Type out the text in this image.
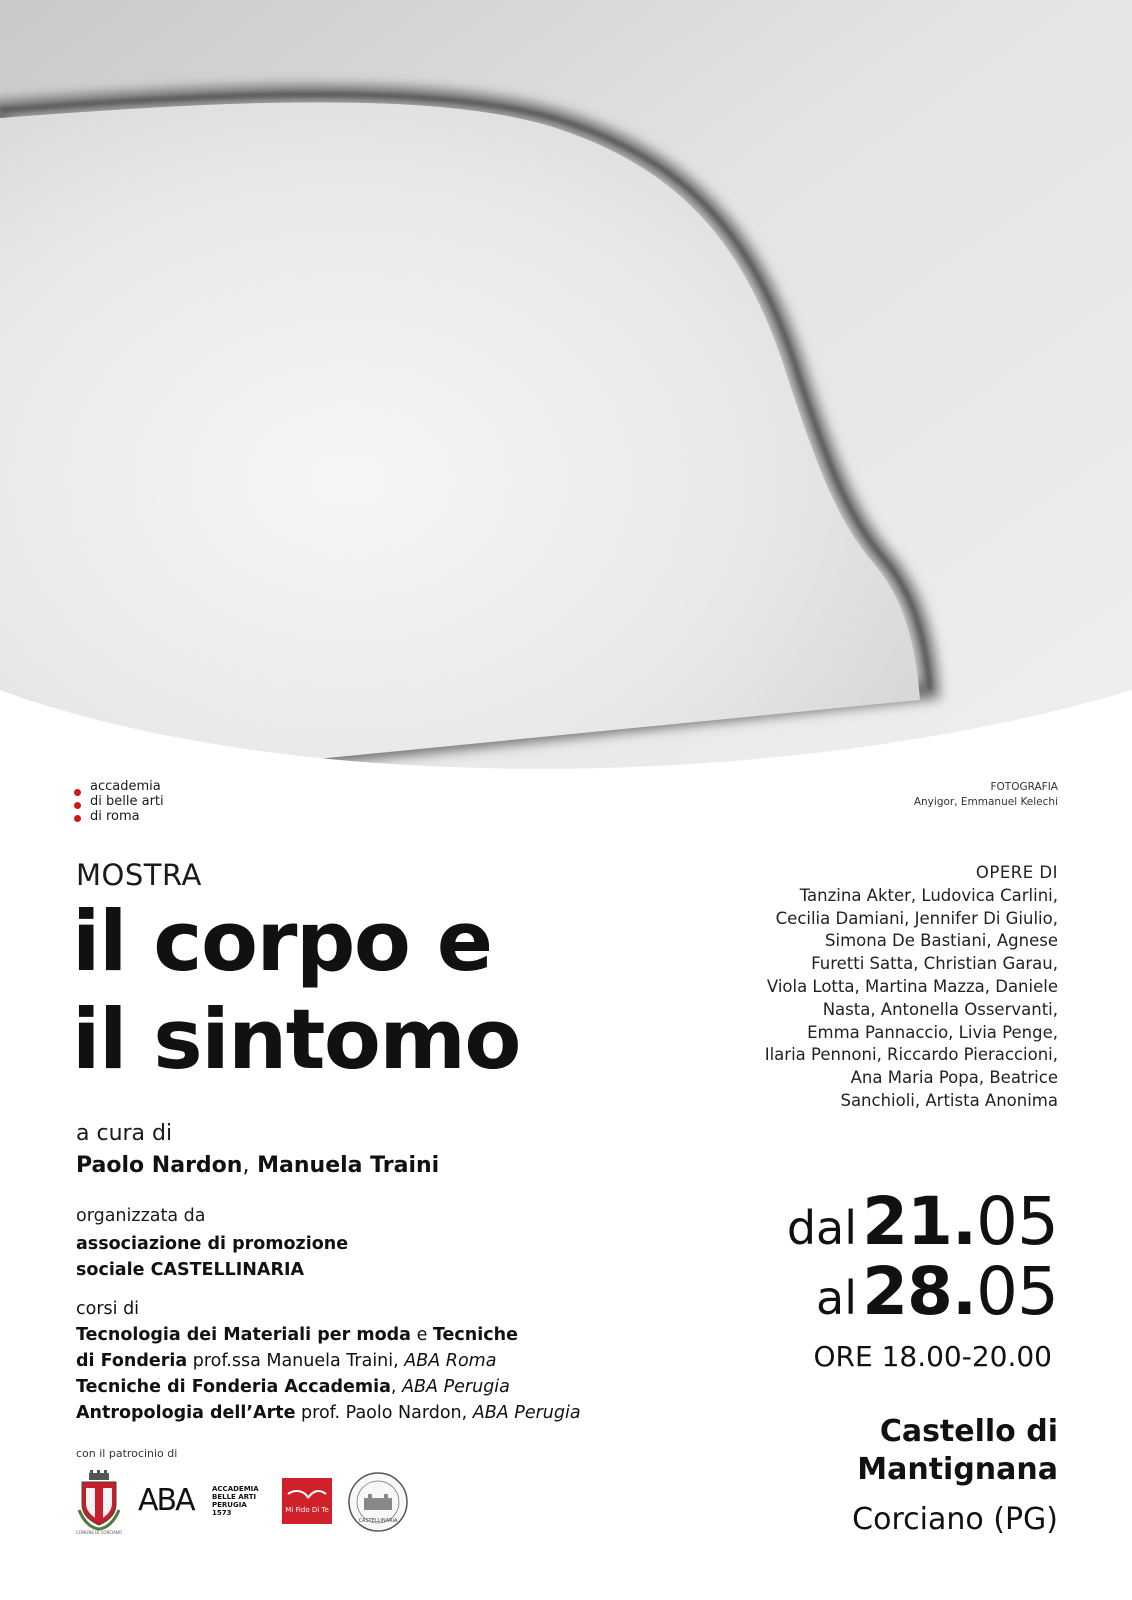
accademia
di belle arti
di roma
FOTOGRAFIA
Anyigor, Emmanuel Kelechi
MOSTRA
il corpo e
il sintomo
a cura di
Paolo Nardon, Manuela Traini
organizzata da
associazione di promozione
sociale CASTELLINARIA
corsi di
Tecnologia dei Materiali per moda e Tecniche
di Fonderia prof.ssa Manuela Traini, ABA Roma
Tecniche di Fonderia Accademia, ABA Perugia
Antropologia dell’Arte prof. Paolo Nardon, ABA Perugia
con il patrocinio di
COMUNE DI CORCIANO
ABA	ACCADEMIA
BELLE ARTI
PERUGIA
1573	Mi Fido Di Te
CASTELLINARIA
OPERE DI
Tanzina Akter, Ludovica Carlini,
Cecilia Damiani, Jennifer Di Giulio,
Simona De Bastiani, Agnese
Furetti Satta, Christian Garau,
Viola Lotta, Martina Mazza, Daniele
Nasta, Antonella Osservanti,
Emma Pannaccio, Livia Penge,
Ilaria Pennoni, Riccardo Pieraccioni,
Ana Maria Popa, Beatrice
Sanchioli, Artista Anonima
dal 21.05
al 28.05
ORE 18.00-20.00
Castello di
Mantignana
Corciano (PG)
